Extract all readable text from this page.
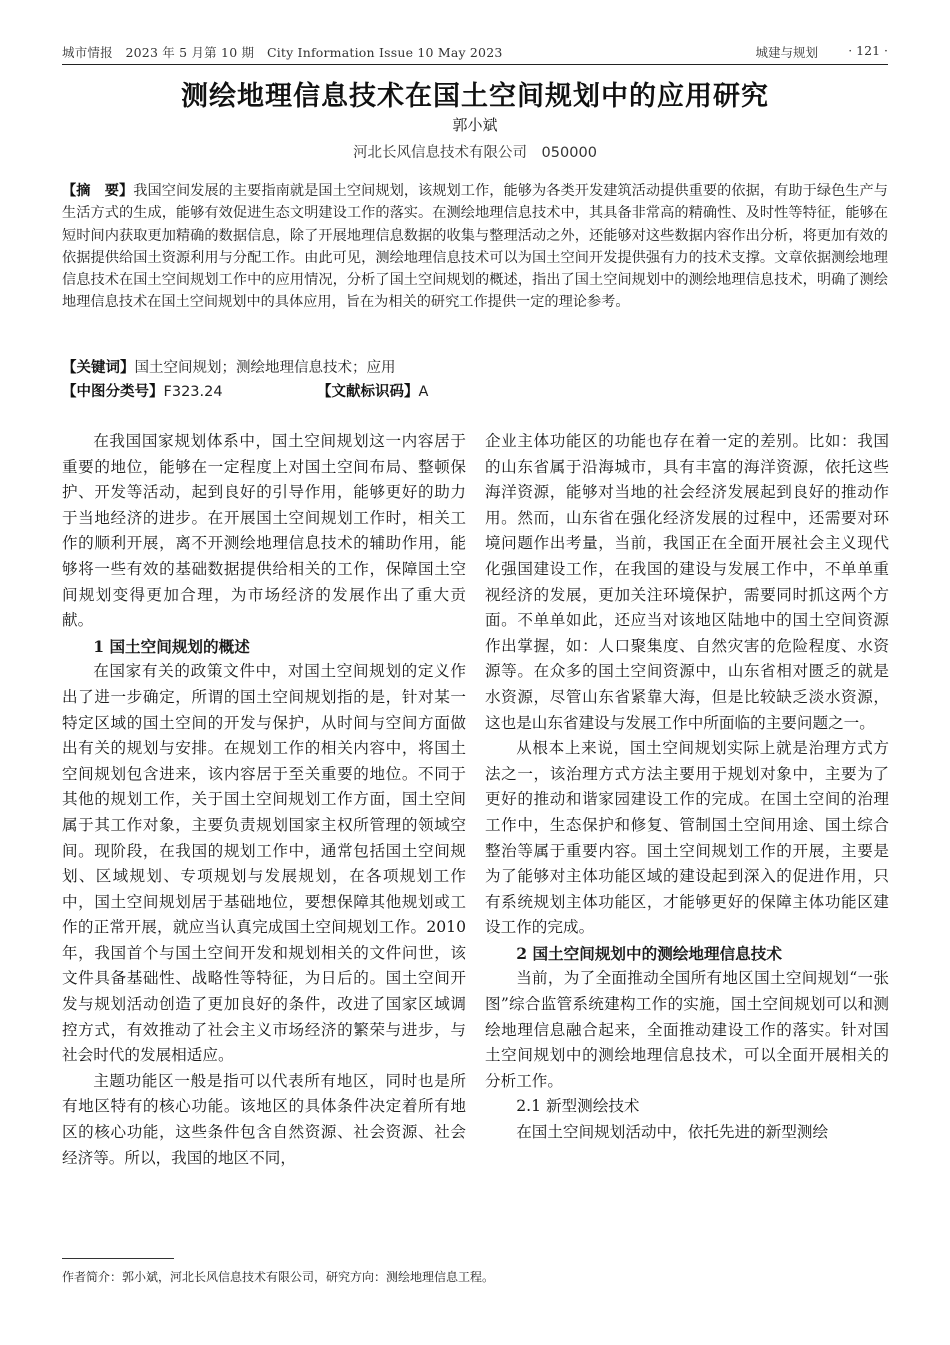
城市情报　2023 年 5 月第 10 期　City Information Issue 10 May 2023	城建与规划 · 121 ·
测绘地理信息技术在国土空间规划中的应用研究
郭小斌
河北长风信息技术有限公司　050000
【摘　要】我国空间发展的主要指南就是国土空间规划，该规划工作，能够为各类开发建筑活动提供重要的依据，有助于绿色生产与生活方式的生成，能够有效促进生态文明建设工作的落实。在测绘地理信息技术中，其具备非常高的精确性、及时性等特征，能够在短时间内获取更加精确的数据信息，除了开展地理信息数据的收集与整理活动之外，还能够对这些数据内容作出分析，将更加有效的依据提供给国土资源利用与分配工作。由此可见，测绘地理信息技术可以为国土空间开发提供强有力的技术支撑。文章依据测绘地理信息技术在国土空间规划工作中的应用情况，分析了国土空间规划的概述，指出了国土空间规划中的测绘地理信息技术，明确了测绘地理信息技术在国土空间规划中的具体应用，旨在为相关的研究工作提供一定的理论参考。
【关键词】国土空间规划；测绘地理信息技术；应用
【中图分类号】F323.24	【文献标识码】A

在我国国家规划体系中，国土空间规划这一内容居于重要的地位，能够在一定程度上对国土空间布局、整顿保护、开发等活动，起到良好的引导作用，能够更好的助力于当地经济的进步。在开展国土空间规划工作时，相关工作的顺利开展，离不开测绘地理信息技术的辅助作用，能够将一些有效的基础数据提供给相关的工作，保障国土空间规划变得更加合理，为市场经济的发展作出了重大贡献。

1 国土空间规划的概述

在国家有关的政策文件中，对国土空间规划的定义作出了进一步确定，所谓的国土空间规划指的是，针对某一特定区域的国土空间的开发与保护，从时间与空间方面做出有关的规划与安排。在规划工作的相关内容中，将国土空间规划包含进来，该内容居于至关重要的地位。不同于其他的规划工作，关于国土空间规划工作方面，国土空间属于其工作对象，主要负责规划国家主权所管理的领域空间。现阶段，在我国的规划工作中，通常包括国土空间规划、区域规划、专项规划与发展规划，在各项规划工作中，国土空间规划居于基础地位，要想保障其他规划或工作的正常开展，就应当认真完成国土空间规划工作。2010 年，我国首个与国土空间开发和规划相关的文件问世，该文件具备基础性、战略性等特征，为日后的。国土空间开发与规划活动创造了更加良好的条件，改进了国家区域调控方式，有效推动了社会主义市场经济的繁荣与进步，与社会时代的发展相适应。

主题功能区一般是指可以代表所有地区，同时也是所有地区特有的核心功能。该地区的具体条件决定着所有地区的核心功能，这些条件包含自然资源、社会资源、社会经济等。所以，我国的地区不同，

企业主体功能区的功能也存在着一定的差别。比如：我国的山东省属于沿海城市，具有丰富的海洋资源，依托这些海洋资源，能够对当地的社会经济发展起到良好的推动作用。然而，山东省在强化经济发展的过程中，还需要对环境问题作出考量，当前，我国正在全面开展社会主义现代化强国建设工作，在我国的建设与发展工作中，不单单重视经济的发展，更加关注环境保护，需要同时抓这两个方面。不单单如此，还应当对该地区陆地中的国土空间资源作出掌握，如：人口聚集度、自然灾害的危险程度、水资源等。在众多的国土空间资源中，山东省相对匮乏的就是水资源，尽管山东省紧靠大海，但是比较缺乏淡水资源，这也是山东省建设与发展工作中所面临的主要问题之一。

从根本上来说，国土空间规划实际上就是治理方式方法之一，该治理方式方法主要用于规划对象中，主要为了更好的推动和谐家园建设工作的完成。在国土空间的治理工作中，生态保护和修复、管制国土空间用途、国土综合整治等属于重要内容。国土空间规划工作的开展，主要是为了能够对主体功能区域的建设起到深入的促进作用，只有系统规划主体功能区，才能够更好的保障主体功能区建设工作的完成。

2 国土空间规划中的测绘地理信息技术

当前，为了全面推动全国所有地区国土空间规划“一张图”综合监管系统建构工作的实施，国土空间规划可以和测绘地理信息融合起来，全面推动建设工作的落实。针对国土空间规划中的测绘地理信息技术，可以全面开展相关的分析工作。

2.1 新型测绘技术

在国土空间规划活动中，依托先进的新型测绘

作者简介：郭小斌，河北长风信息技术有限公司，研究方向：测绘地理信息工程。
